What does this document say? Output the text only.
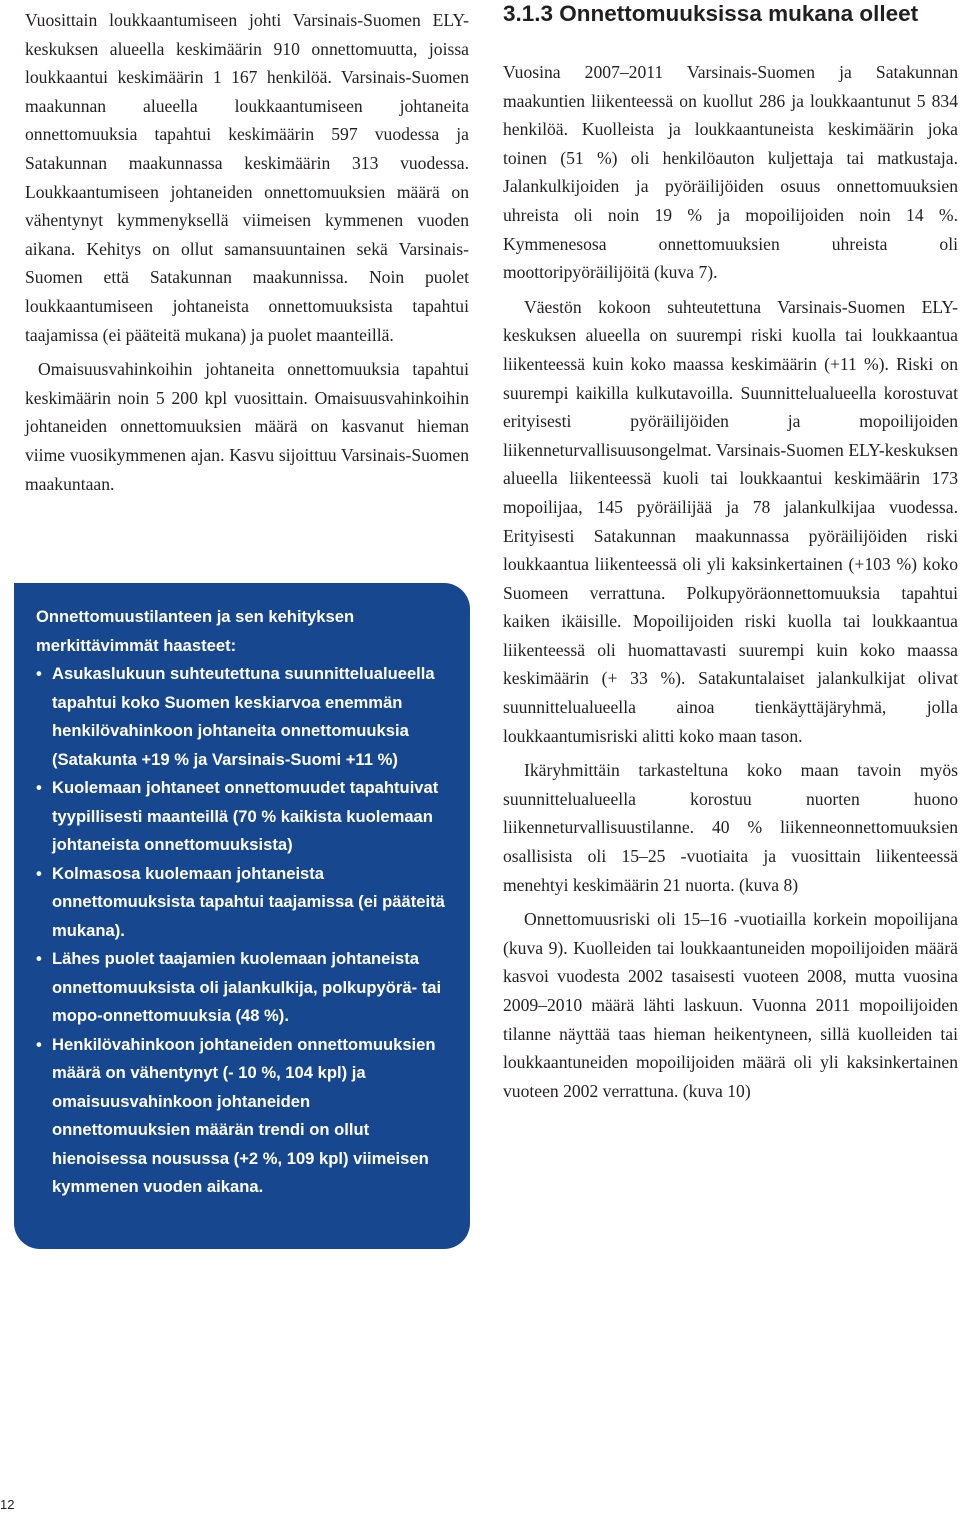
Vuosittain loukkaantumiseen johti Varsinais-Suomen ELY-keskuksen alueella keskimäärin 910 onnettomuutta, joissa loukkaantui keskimäärin 1 167 henkilöä. Varsinais-Suomen maakunnan alueella loukkaantumiseen johtaneita onnettomuuksia tapahtui keskimäärin 597 vuodessa ja Satakunnan maakunnassa keskimäärin 313 vuodessa. Loukkaantumiseen johtaneiden onnettomuuksien määrä on vähentynyt kymmenyksellä viimeisen kymmenen vuoden aikana. Kehitys on ollut samansuuntainen sekä Varsinais-Suomen että Satakunnan maakunnissa. Noin puolet loukkaantumiseen johtaneista onnettomuuksista tapahtui taajamissa (ei pääteitä mukana) ja puolet maanteillä.

Omaisuusvahinkoihin johtaneita onnettomuuksia tapahtui keskimäärin noin 5 200 kpl vuosittain. Omaisuusvahinkoihin johtaneiden onnettomuuksien määrä on kasvanut hieman viime vuosikymmenen ajan. Kasvu sijoittuu Varsinais-Suomen maakuntaan.

Onnettomuustilanteen ja sen kehityksen merkittävimmät haasteet:

• Asukaslukuun suhteutettuna suunnittelualueella tapahtui koko Suomen keskiarvoa enemmän henkilövahinkoon johtaneita onnettomuuksia (Satakunta +19 % ja Varsinais-Suomi +11 %)
• Kuolemaan johtaneet onnettomuudet tapahtuivat tyypillisesti maanteillä (70 % kaikista kuolemaan johtaneista onnettomuuksista)
• Kolmasosa kuolemaan johtaneista onnettomuuksista tapahtui taajamissa (ei pääteitä mukana).
• Lähes puolet taajamien kuolemaan johtaneista onnettomuuksista oli jalankulkija, polkupyörä- tai mopo-onnettomuuksia (48 %).
• Henkilövahinkoon johtaneiden onnettomuuksien määrä on vähentynyt (- 10 %, 104 kpl) ja omaisuusvahinkoon johtaneiden onnettomuuksien määrän trendi on ollut hienoisessa nousussa (+2 %, 109 kpl) viimeisen kymmenen vuoden aikana.
3.1.3 Onnettomuuksissa mukana olleet

Vuosina 2007–2011 Varsinais-Suomen ja Satakunnan maakuntien liikenteessä on kuollut 286 ja loukkaantunut 5 834 henkilöä. Kuolleista ja loukkaantuneista keskimäärin joka toinen (51 %) oli henkilöauton kuljettaja tai matkustaja. Jalankulkijoiden ja pyöräilijöiden osuus onnettomuuksien uhreista oli noin 19 % ja mopoilijoiden noin 14 %. Kymmenesosa onnettomuuksien uhreista oli moottoripyöräilijöitä (kuva 7).

Väestön kokoon suhteutettuna Varsinais-Suomen ELY-keskuksen alueella on suurempi riski kuolla tai loukkaantua liikenteessä kuin koko maassa keskimäärin (+11 %). Riski on suurempi kaikilla kulkutavoilla. Suunnittelualueella korostuvat erityisesti pyöräilijöiden ja mopoilijoiden liikenneturvallisuusongelmat. Varsinais-Suomen ELY-keskuksen alueella liikenteessä kuoli tai loukkaantui keskimäärin 173 mopoilijaa, 145 pyöräilijää ja 78 jalankulkijaa vuodessa. Erityisesti Satakunnan maakunnassa pyöräilijöiden riski loukkaantua liikenteessä oli yli kaksinkertainen (+103 %) koko Suomeen verrattuna. Polkupyöräonnettomuuksia tapahtui kaiken ikäisille. Mopoilijoiden riski kuolla tai loukkaantua liikenteessä oli huomattavasti suurempi kuin koko maassa keskimäärin (+ 33 %). Satakuntalaiset jalankulkijat olivat suunnittelualueella ainoa tienkäyttäjäryhmä, jolla loukkaantumisriski alitti koko maan tason.

Ikäryhmittäin tarkasteltuna koko maan tavoin myös suunnittelualueella korostuu nuorten huono liikenneturvallisuustilanne. 40 % liikenneonnettomuuksien osallisista oli 15–25 -vuotiaita ja vuosittain liikenteessä menehtyi keskimäärin 21 nuorta. (kuva 8)

Onnettomuusriski oli 15–16 -vuotiailla korkein mopoilijana (kuva 9). Kuolleiden tai loukkaantuneiden mopoilijoiden määrä kasvoi vuodesta 2002 tasaisesti vuoteen 2008, mutta vuosina 2009–2010 määrä lähti laskuun. Vuonna 2011 mopoilijoiden tilanne näyttää taas hieman heikentyneen, sillä kuolleiden tai loukkaantuneiden mopoilijoiden määrä oli yli kaksinkertainen vuoteen 2002 verrattuna. (kuva 10)

12
